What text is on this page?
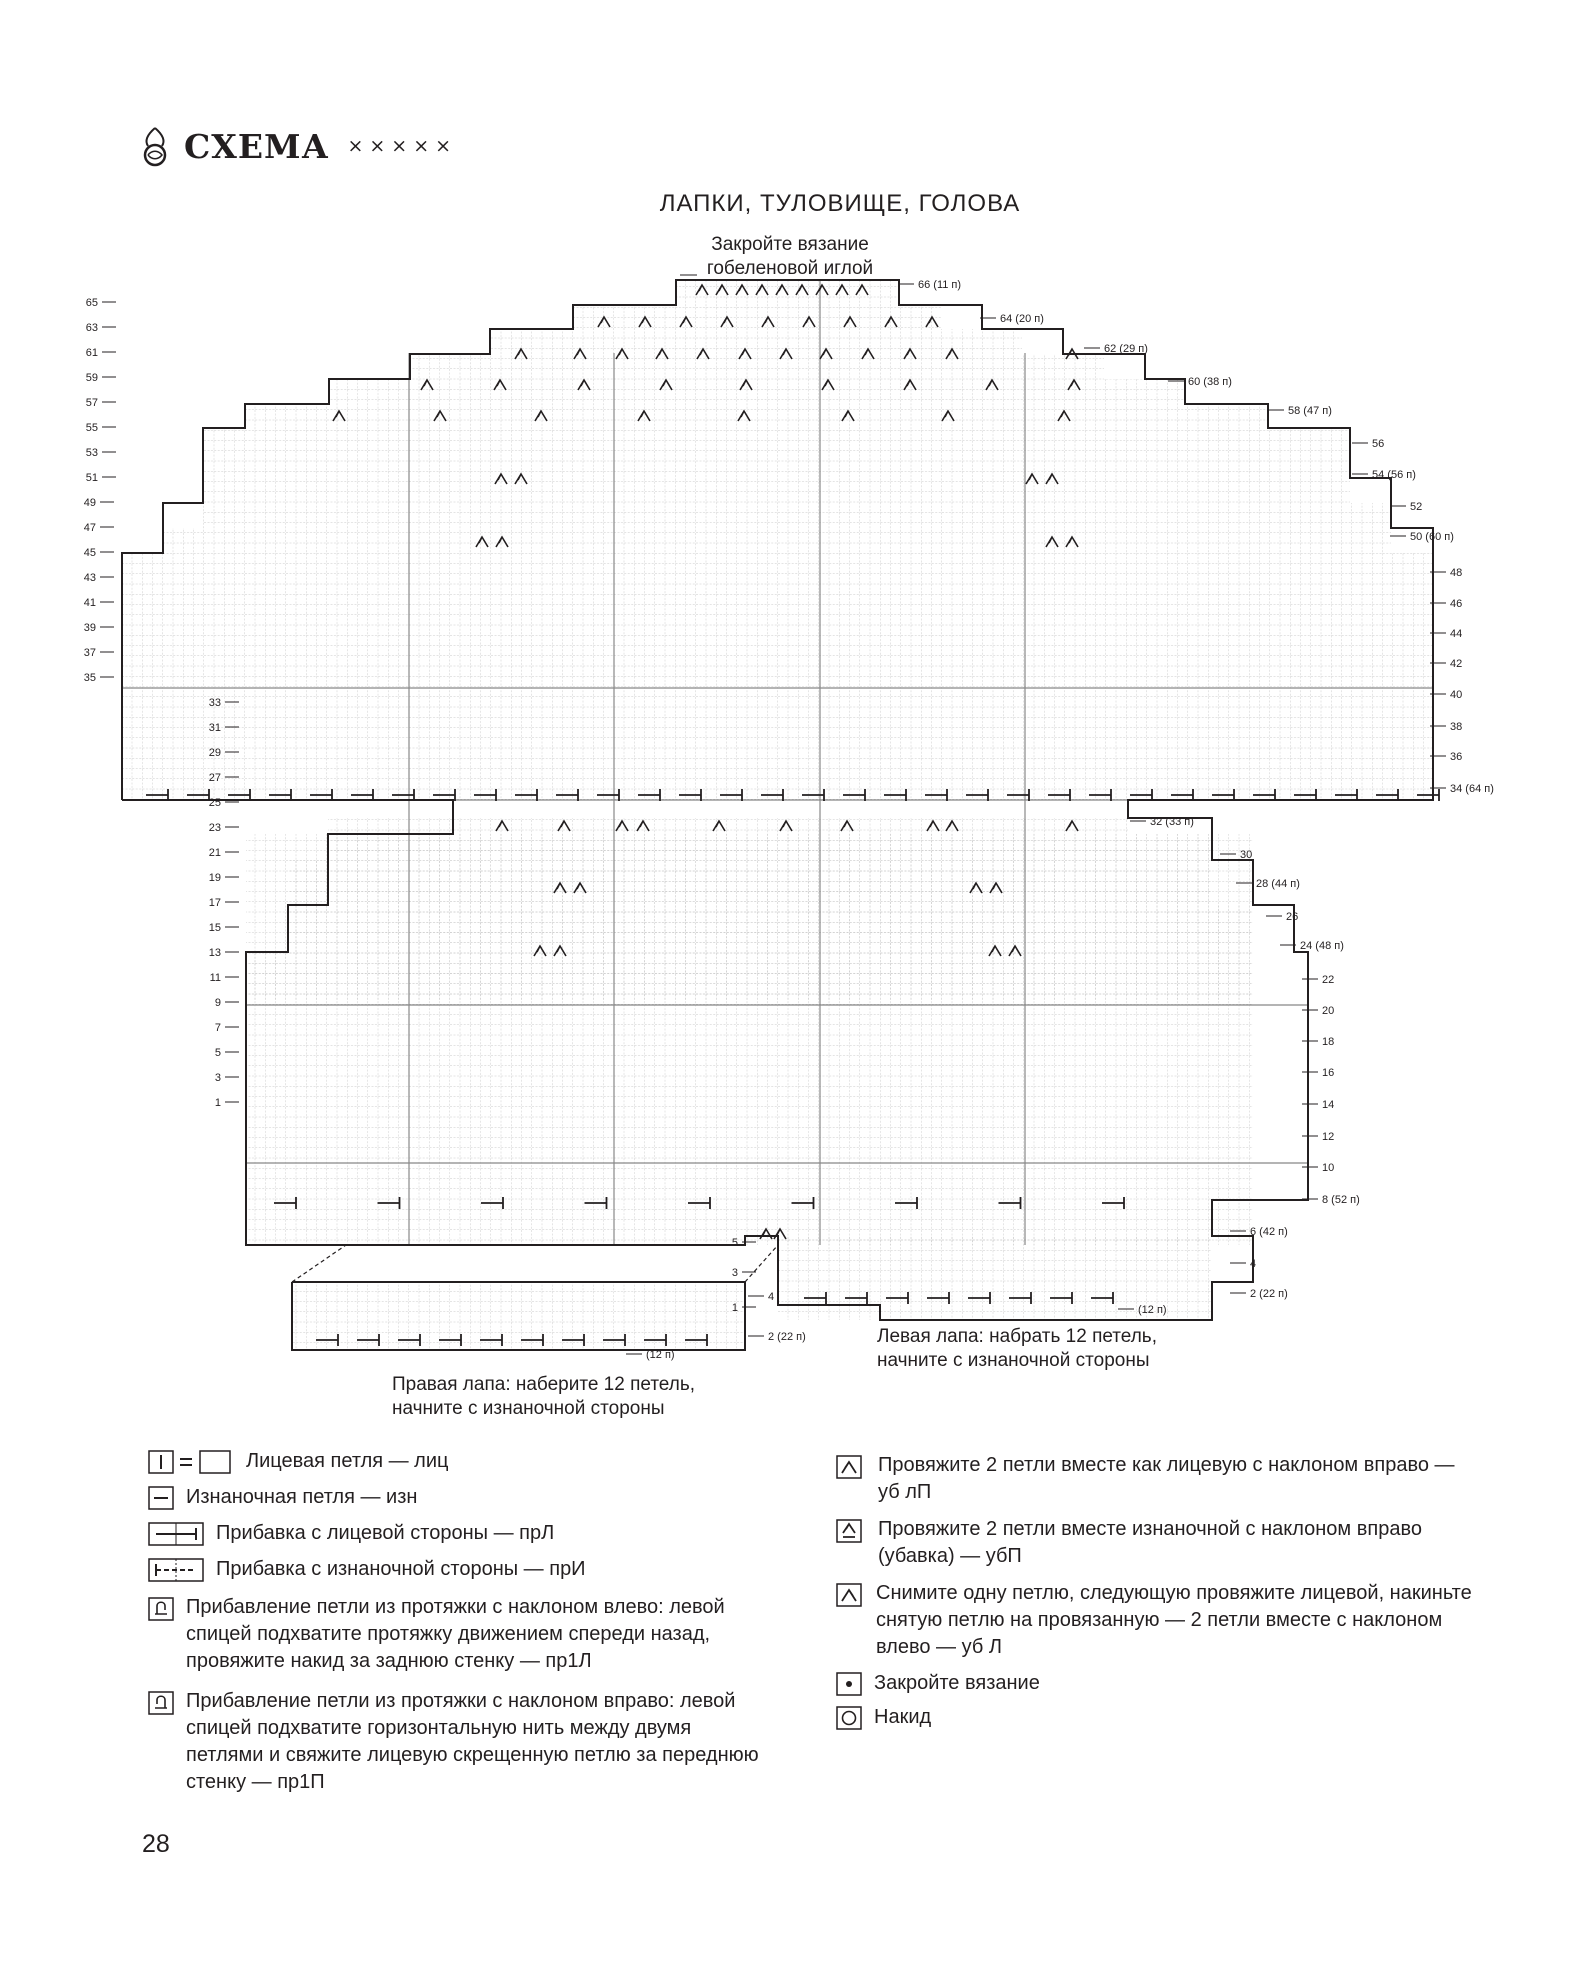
СХЕМА ×××××
ЛАПКИ, ТУЛОВИЩЕ, ГОЛОВА
65
63
61
59
57
55
53
51
49
47
45
43
41
39
37
35
33
31
29
27
25
23
21
19
17
15
13
11
9
7
5
3
1
5
3
1
66 (11 п)
64 (20 п)
62 (29 п)
60 (38 п)
58 (47 п)
56
54 (56 п)
52
50 (60 п)
48
46
44
42
40
38
36
34 (64 п)
32 (33 п)
30
28 (44 п)
26
24 (48 п)
22
20
18
16
14
12
10
8 (52 п)
6 (42 п)
4
2 (22 п)
4
2 (22 п)
(12 п)
(12 п)
Закройте вязание
гобеленовой иглой
Правая лапа: наберите 12 петель,
начните с изнаночной стороны
Левая лапа: набрать 12 петель,
начните с изнаночной стороны
Лицевая петля — лиц
Изнаночная петля — изн
Прибавка с лицевой стороны — прЛ
Прибавка с изнаночной стороны — прИ
Прибавление петли из протяжки с наклоном влево: левой спицей подхватите протяжку движением спереди назад, провяжите накид за заднюю стенку — пр1Л
Прибавление петли из протяжки с наклоном вправо: левой спицей подхватите горизонтальную нить между двумя петлями и свяжите лицевую скрещенную петлю за переднюю стенку — пр1П
Провяжите 2 петли вместе как лицевую с наклоном вправо — уб лП
Провяжите 2 петли вместе изнаночной с наклоном вправо (убавка) — убП
Снимите одну петлю, следующую провяжите лицевой, накиньте снятую петлю на провязанную — 2 петли вместе с наклоном влево — уб Л
Закройте вязание
Накид
28
